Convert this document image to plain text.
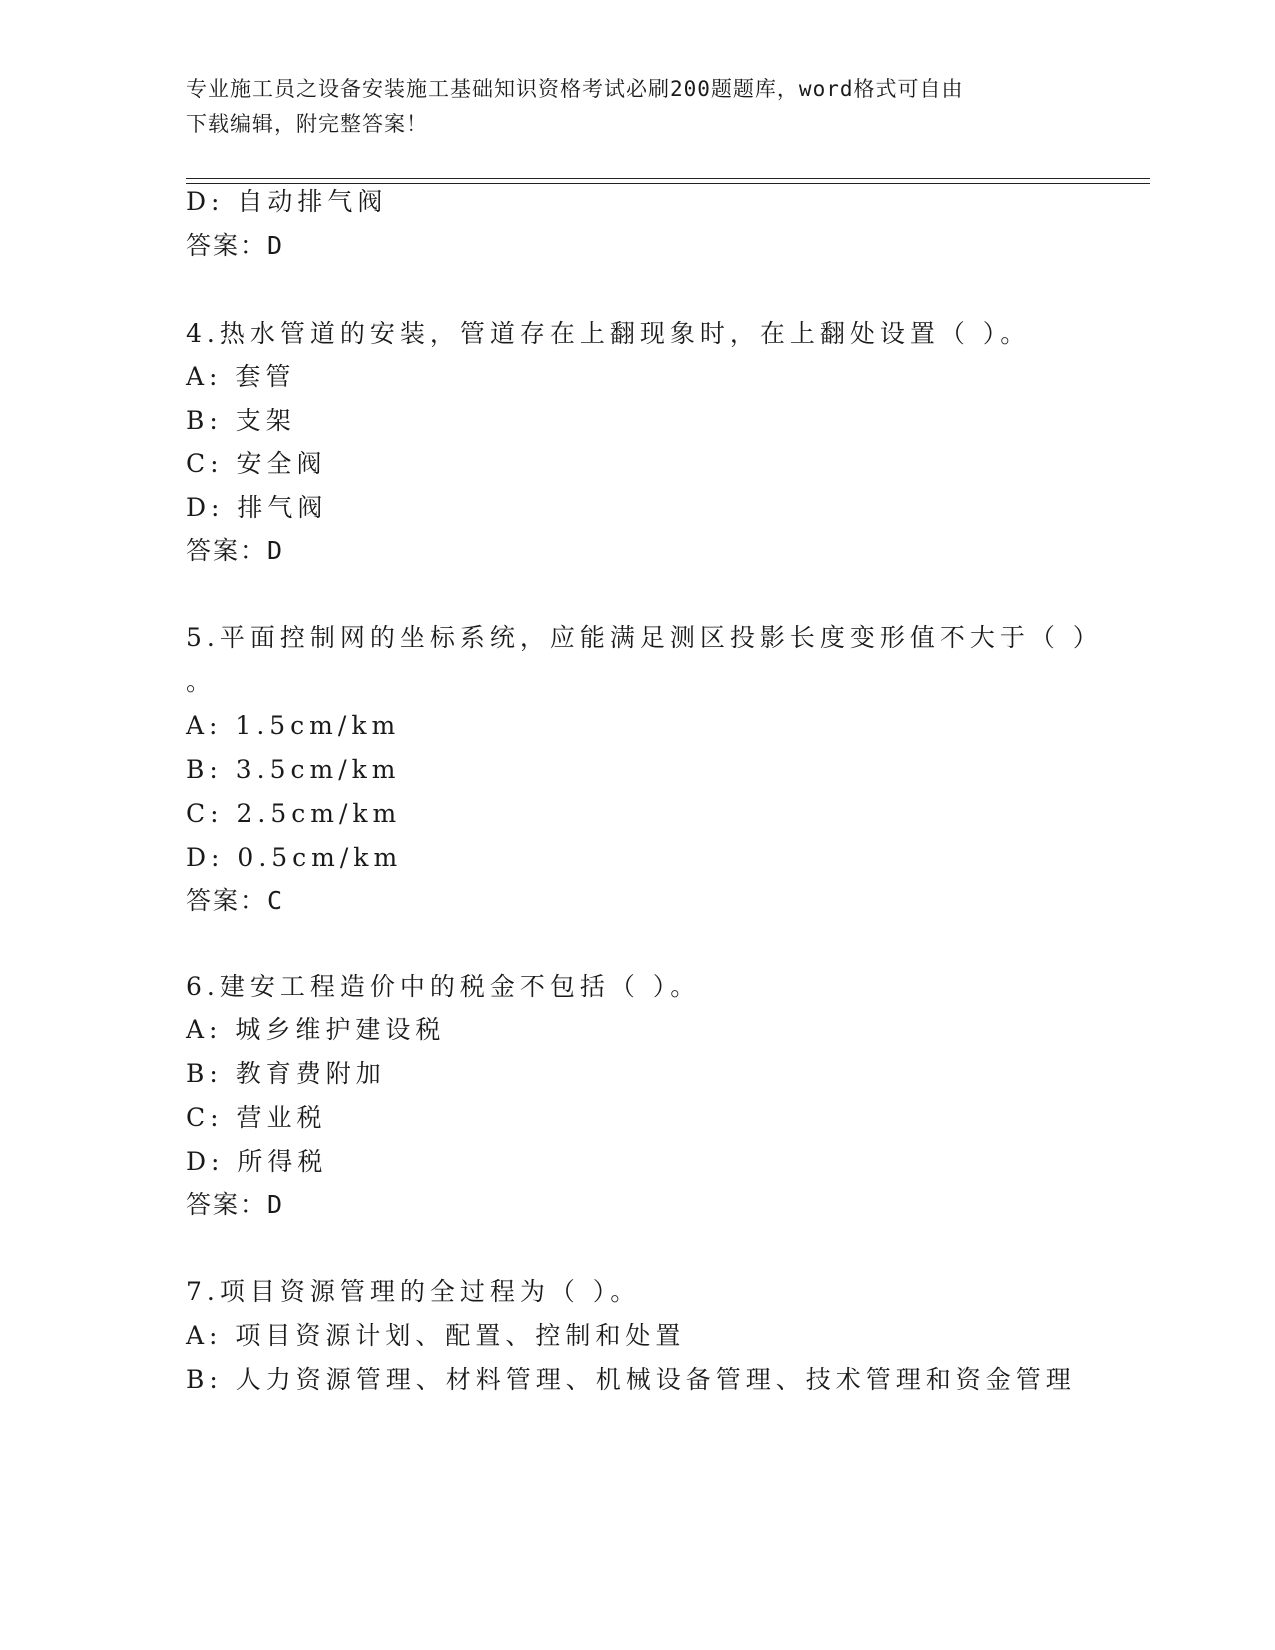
专业施工员之设备安装施工基础知识资格考试必刷200题题库，word格式可自由
下载编辑，附完整答案！
D: 自动排气阀
答案：D
4.热水管道的安装，管道存在上翻现象时，在上翻处设置（ ）。
A: 套管
B: 支架
C: 安全阀
D: 排气阀
答案：D
5.平面控制网的坐标系统，应能满足测区投影长度变形值不大于（ ）
。
A: 1.5cm/km
B: 3.5cm/km
C: 2.5cm/km
D: 0.5cm/km
答案：C
6.建安工程造价中的税金不包括（ ）。
A: 城乡维护建设税
B: 教育费附加
C: 营业税
D: 所得税
答案：D
7.项目资源管理的全过程为（ ）。
A: 项目资源计划、配置、控制和处置
B: 人力资源管理、材料管理、机械设备管理、技术管理和资金管理
